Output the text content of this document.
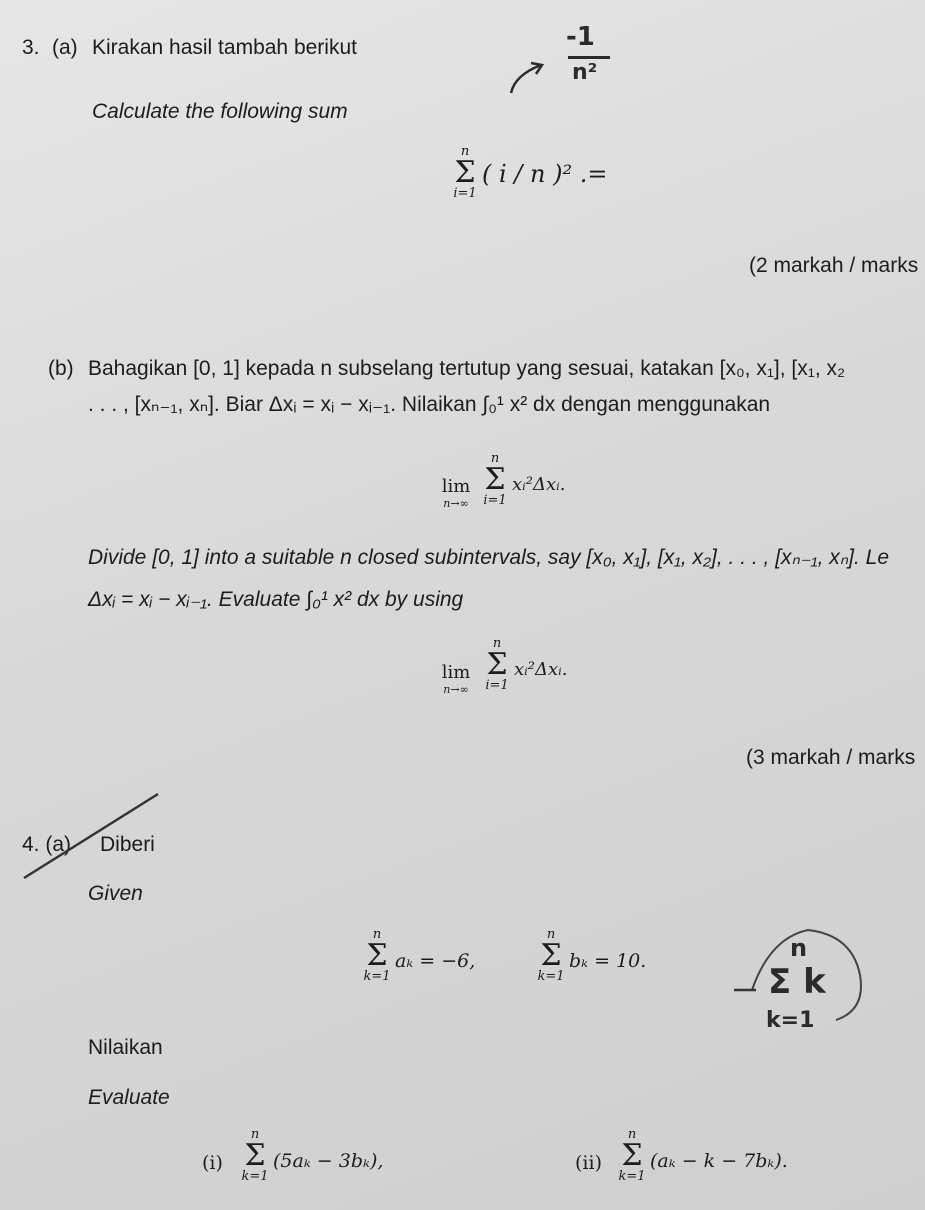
3. (a) Kirakan hasil tambah berikut
Calculate the following sum
n
Σ
i=1
( i / n )² .=
(2 markah / marks
(b) Bahagikan [0, 1] kepada n subselang tertutup yang sesuai, katakan [x₀, x₁], [x₁, x₂
. . . , [xₙ₋₁, xₙ]. Biar Δxᵢ = xᵢ − xᵢ₋₁. Nilaikan ∫₀¹ x² dx dengan menggunakan
lim
n→∞
n
Σ
i=1
xᵢ²Δxᵢ.
Divide [0, 1] into a suitable n closed subintervals, say [x₀, x₁], [x₁, x₂], . . . , [xₙ₋₁, xₙ]. Le
Δxᵢ = xᵢ − xᵢ₋₁. Evaluate ∫₀¹ x² dx by using
lim
n→∞
n
Σ
i=1
xᵢ²Δxᵢ.
(3 markah / marks
4. (a) Diberi
Given
n
Σ
k=1
aₖ = −6,
n
Σ
k=1
bₖ = 10.
Nilaikan
Evaluate
(i)
n
Σ
k=1
(5aₖ − 3bₖ),	(ii)
n
Σ
k=1
(aₖ − k − 7bₖ).
-1
n²
n
Σ k
k=1
